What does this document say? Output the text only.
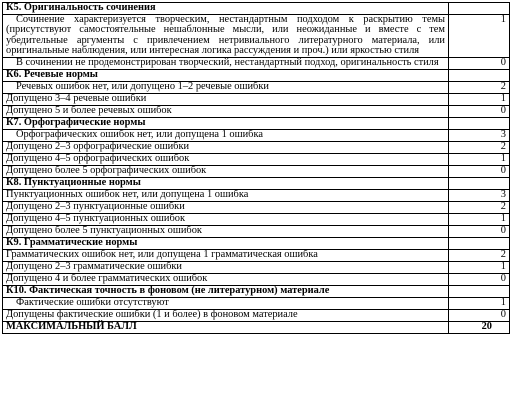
К5. Оригинальность сочинения	
Сочинение характеризуется творческим, нестандартным подходом к раскрытию темы (присутствуют самостоятельные нешаблонные мысли, или неожиданные и вместе с тем убедительные аргументы с привлечением нетривиального литературного материала, или оригинальные наблюдения, или интересная логика рассуждения и проч.) или яркостью стиля	1
В сочинении не продемонстрирован творческий, нестандартный подход, оригинальность стиля	0
К6. Речевые нормы	
Речевых ошибок нет, или допущено 1–2 речевые ошибки	2
Допущено 3–4 речевые ошибки	1
Допущено 5 и более речевых ошибок	0
К7. Орфографические нормы	
Орфографических ошибок нет, или допущена 1 ошибка	3
Допущено 2–3 орфографические ошибки	2
Допущено 4–5 орфографических ошибок	1
Допущено более 5 орфографических ошибок	0
К8. Пунктуационные нормы	
Пунктуационных ошибок нет, или допущена 1 ошибка	3
Допущено 2–3 пунктуационные ошибки	2
Допущено 4–5 пунктуационных ошибок	1
Допущено более 5 пунктуационных ошибок	0
К9. Грамматические нормы	
Грамматических ошибок нет, или допущена 1 грамматическая ошибка	2
Допущено 2–3 грамматические ошибки	1
Допущено 4 и более грамматических ошибок	0
К10. Фактическая точность в фоновом (не литературном) материале	
Фактические ошибки отсутствуют	1
Допущены фактические ошибки (1 и более) в фоновом материале	0
МАКСИМАЛЬНЫЙ БАЛЛ	20
